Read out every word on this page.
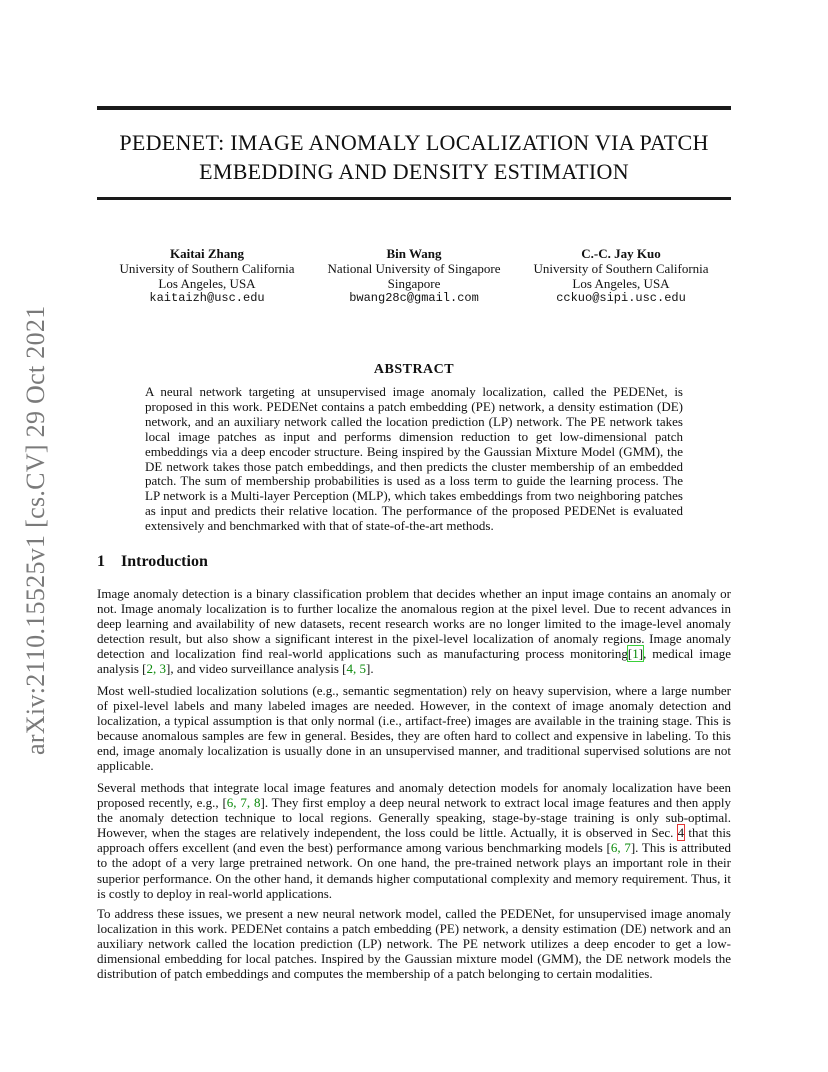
arXiv:2110.15525v1 [cs.CV] 29 Oct 2021
PEDENET: IMAGE ANOMALY LOCALIZATION VIA PATCH
EMBEDDING AND DENSITY ESTIMATION
Kaitai Zhang
University of Southern California
Los Angeles, USA
kaitaizh@usc.edu
Bin Wang
National University of Singapore
Singapore
bwang28c@gmail.com
C.-C. Jay Kuo
University of Southern California
Los Angeles, USA
cckuo@sipi.usc.edu
ABSTRACT
A neural network targeting at unsupervised image anomaly localization, called the PEDENet, is proposed in this work. PEDENet contains a patch embedding (PE) network, a density estimation (DE) network, and an auxiliary network called the location prediction (LP) network. The PE network takes local image patches as input and performs dimension reduction to get low-dimensional patch embeddings via a deep encoder structure. Being inspired by the Gaussian Mixture Model (GMM), the DE network takes those patch embeddings, and then predicts the cluster membership of an embedded patch. The sum of membership probabilities is used as a loss term to guide the learning process. The LP network is a Multi-layer Perception (MLP), which takes embeddings from two neighboring patches as input and predicts their relative location. The performance of the proposed PEDENet is evaluated extensively and benchmarked with that of state-of-the-art methods.
1 Introduction
Image anomaly detection is a binary classification problem that decides whether an input image contains an anomaly or not. Image anomaly localization is to further localize the anomalous region at the pixel level. Due to recent advances in deep learning and availability of new datasets, recent research works are no longer limited to the image-level anomaly detection result, but also show a significant interest in the pixel-level localization of anomaly regions. Image anomaly detection and localization find real-world applications such as manufacturing process monitoring[ 1 ] , medical image analysis [ 2, 3 ] , and video surveillance analysis [ 4, 5 ] .
Most well-studied localization solutions (e.g., semantic segmentation) rely on heavy supervision, where a large number of pixel-level labels and many labeled images are needed. However, in the context of image anomaly detection and localization, a typical assumption is that only normal (i.e., artifact-free) images are available in the training stage. This is because anomalous samples are few in general. Besides, they are often hard to collect and expensive in labeling. To this end, image anomaly localization is usually done in an unsupervised manner, and traditional supervised solutions are not applicable.
Several methods that integrate local image features and anomaly detection models for anomaly localization have been proposed recently, e.g., [ 6, 7, 8 ] . They first employ a deep neural network to extract local image features and then apply the anomaly detection technique to local regions. Generally speaking, stage-by-stage training is only sub-optimal. However, when the stages are relatively independent, the loss could be little. Actually, it is observed in Sec. 4 that this approach offers excellent (and even the best) performance among various benchmarking models [ 6, 7 ] . This is attributed to the adopt of a very large pretrained network. On one hand, the pre-trained network plays an important role in their superior performance. On the other hand, it demands higher computational complexity and memory requirement. Thus, it is costly to deploy in real-world applications.
To address these issues, we present a new neural network model, called the PEDENet, for unsupervised image anomaly localization in this work. PEDENet contains a patch embedding (PE) network, a density estimation (DE) network and an auxiliary network called the location prediction (LP) network. The PE network utilizes a deep encoder to get a low-dimensional embedding for local patches. Inspired by the Gaussian mixture model (GMM), the DE network models the distribution of patch embeddings and computes the membership of a patch belonging to certain modalities.
